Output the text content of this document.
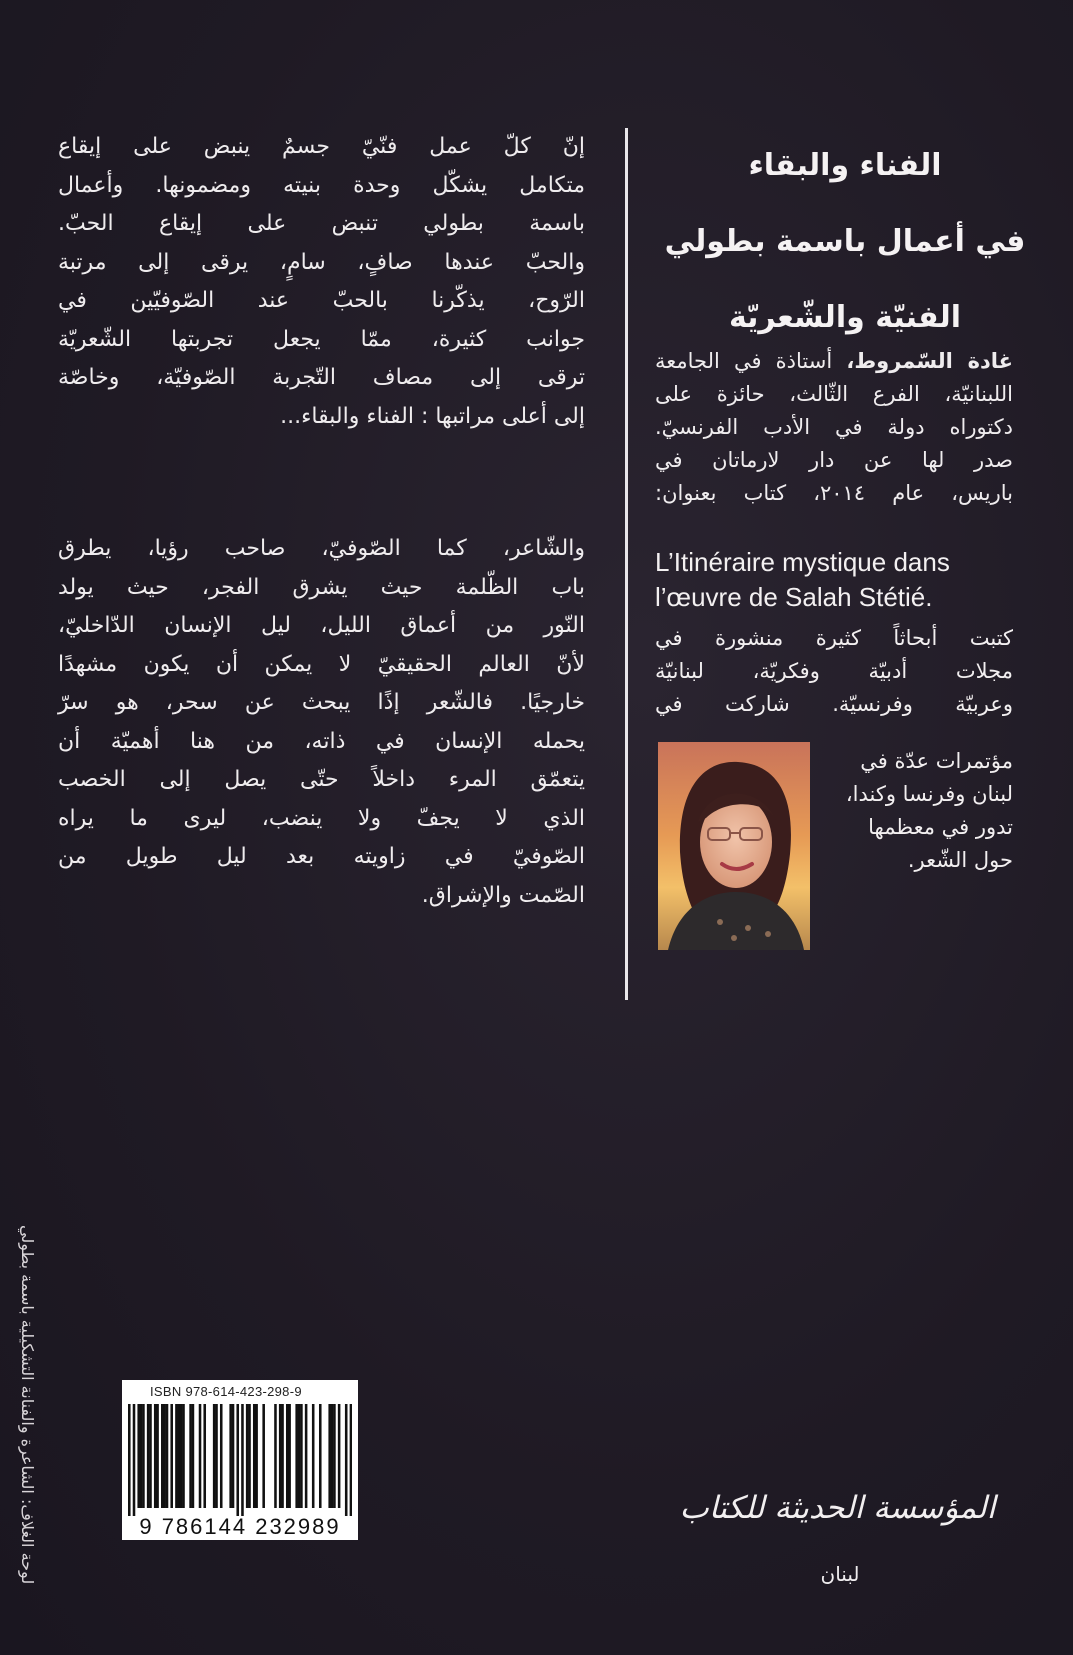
الفناء والبقاء
في أعمال باسمة بطولي
الفنيّة والشّعريّة
غادة السّمروط، أستاذة في الجامعة
اللبنانيّة، الفرع الثّالث، حائزة على
دكتوراه دولة في الأدب الفرنسيّ.
صدر لها عن دار لارماتان في
باريس، عام ٢٠١٤، كتاب بعنوان:
L’Itinéraire mystique dans
l’œuvre de Salah Stétié.
كتبت أبحاثاً كثيرة منشورة في
مجلات أدبيّة وفكريّة، لبنانيّة
وعربيّة وفرنسيّة. شاركت في
مؤتمرات عدّة في
لبنان وفرنسا وكندا،
تدور في معظمها
حول الشّعر.
إنّ كلّ عمل فنّيّ جسمٌ ينبض على إيقاع
متكامل يشكّل وحدة بنيته ومضمونها. وأعمال
باسمة بطولي تنبض على إيقاع الحبّ.
والحبّ عندها صافٍ، سامٍ، يرقى إلى مرتبة
الرّوح، يذكّرنا بالحبّ عند الصّوفيّين في
جوانب كثيرة، ممّا يجعل تجربتها الشّعريّة
ترقى إلى مصاف التّجربة الصّوفيّة، وخاصّة
إلى أعلى مراتبها : الفناء والبقاء...
والشّاعر، كما الصّوفيّ، صاحب رؤيا، يطرق
باب الظّلمة حيث يشرق الفجر، حيث يولد
النّور من أعماق الليل، ليل الإنسان الدّاخليّ،
لأنّ العالم الحقيقيّ لا يمكن أن يكون مشهدًا
خارجيًا. فالشّعر إذًا يبحث عن سحر، هو سرّ
يحمله الإنسان في ذاته، من هنا أهميّة أن
يتعمّق المرء داخلاً حتّى يصل إلى الخصب
الذي لا يجفّ ولا ينضب، ليرى ما يراه
الصّوفيّ في زاويته بعد ليل طويل من
الصّمت والإشراق.
لوحة الغلاف: الشاعرة والفنانة التشكيلية باسمة بطولي	ISBN 978-614-423-298-9
9 786144 232989
المؤسسة الحديثة للكتاب
لبنان
